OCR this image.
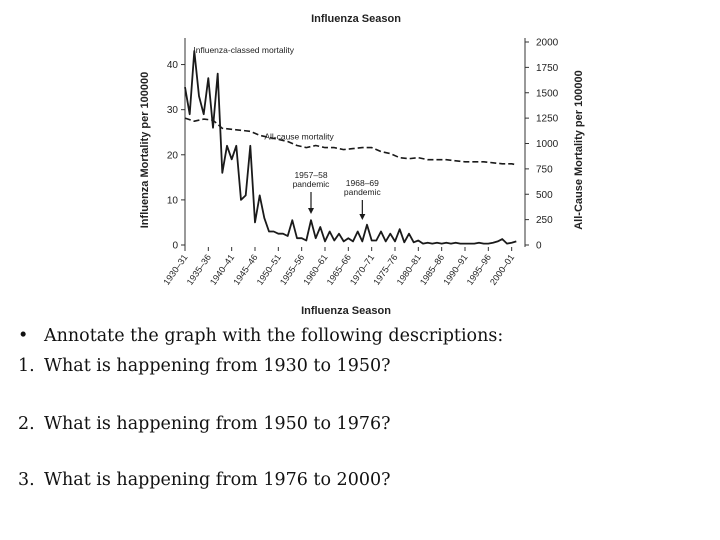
Influenza Season
Influenza Mortality per 100000	All-Cause Mortality per 100000
Influenza Season
0
10
20
30
40
0
250
500
750
1000
1250
1500
1750
2000
1930–31
1935–36
1940–41
1945–46
1950–51
1955–56
1960–61
1965–66
1970–71
1975–76
1980–81
1985–86
1990–91
1995–96
2000–01
Influenza-classed mortality
All-cause mortality
1957–58
pandemic 1968–69
pandemic
• Annotate the graph with the following descriptions:
1. What is happening from 1930 to 1950?
2. What is happening from 1950 to 1976?
3. What is happening from 1976 to 2000?
